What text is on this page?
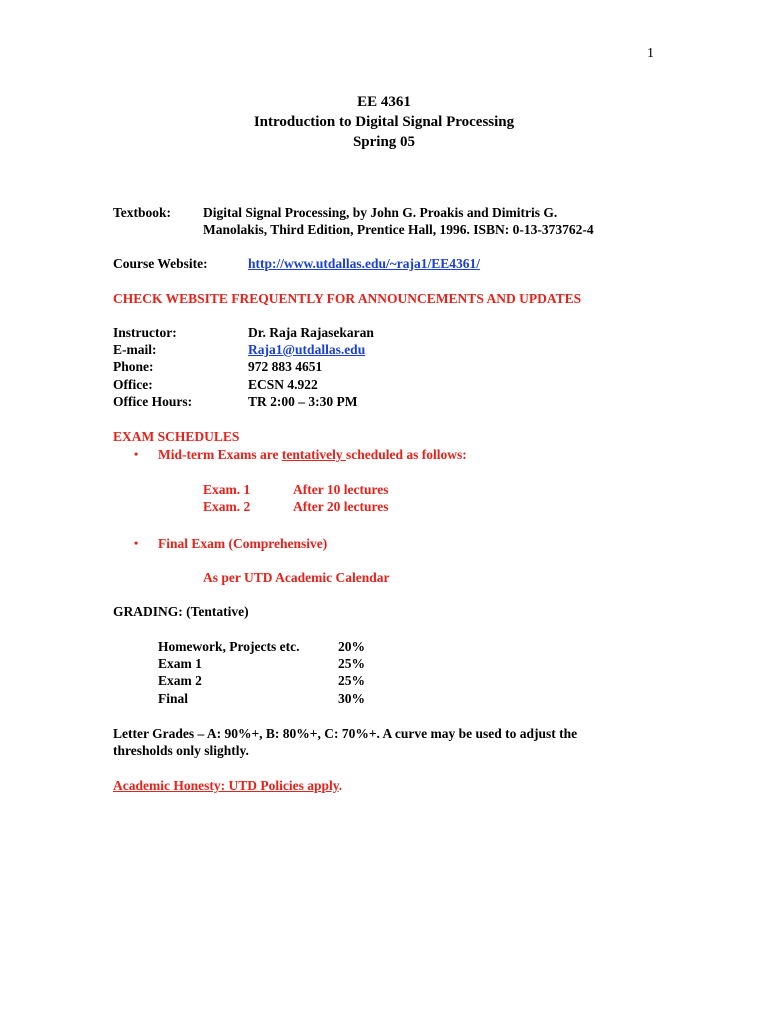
1
EE 4361
Introduction to Digital Signal Processing
Spring 05
Textbook: Digital Signal Processing, by John G. Proakis and Dimitris G.
Manolakis, Third Edition, Prentice Hall, 1996. ISBN: 0-13-373762-4
Course Website:	http://www.utdallas.edu/~raja1/EE4361/
CHECK WEBSITE FREQUENTLY FOR ANNOUNCEMENTS AND UPDATES
Instructor:	Dr. Raja Rajasekaran
E-mail:	Raja1@utdallas.edu
Phone:	972 883 4651
Office:	ECSN 4.922
Office Hours:	TR 2:00 – 3:30 PM
EXAM SCHEDULES
• Mid-term Exams are tentatively scheduled as follows:
Exam. 1	After 10 lectures
Exam. 2	After 20 lectures
• Final Exam (Comprehensive)
As per UTD Academic Calendar
GRADING: (Tentative)
Homework, Projects etc.	20%
Exam 1	25%
Exam 2	25%
Final	30%
Letter Grades – A: 90%+, B: 80%+, C: 70%+. A curve may be used to adjust the
thresholds only slightly.
Academic Honesty: UTD Policies apply.
